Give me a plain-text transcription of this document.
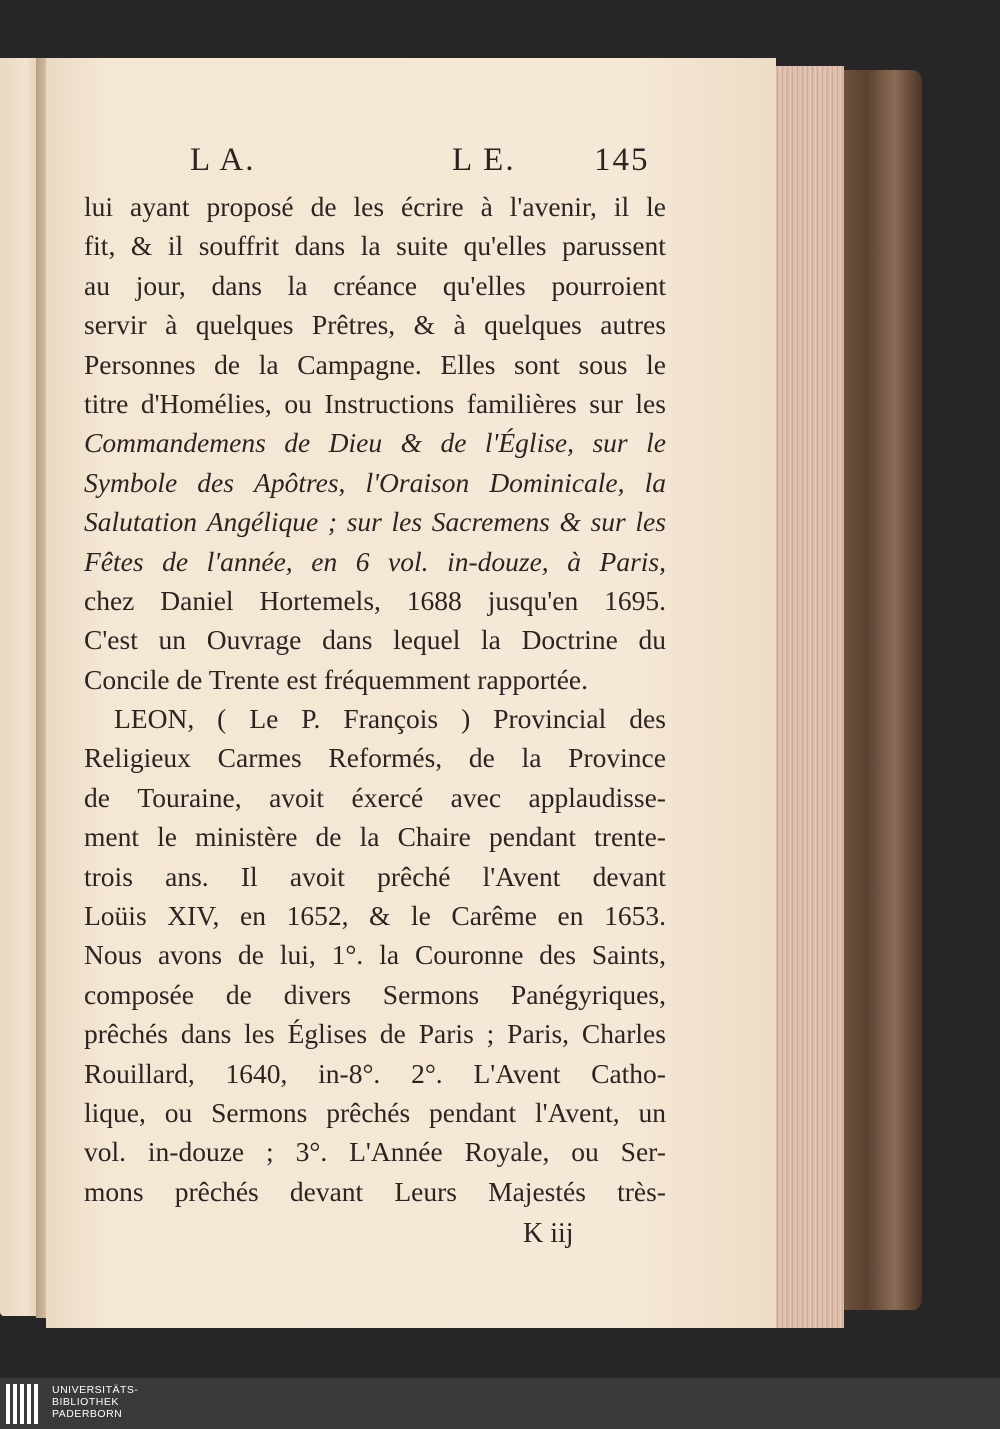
L A.	L E. 145
lui ayant proposé de les écrire à l'avenir, il le
fit, & il souffrit dans la suite qu'elles parussent
au jour, dans la créance qu'elles pourroient
servir à quelques Prêtres, & à quelques autres
Personnes de la Campagne. Elles sont sous le
titre d'Homélies, ou Instructions familières sur les
Commandemens de Dieu & de l'Église, sur le
Symbole des Apôtres, l'Oraison Dominicale, la
Salutation Angélique ; sur les Sacremens & sur les
Fêtes de l'année, en 6 vol. in-douze, à Paris,
chez Daniel Hortemels, 1688 jusqu'en 1695.
C'est un Ouvrage dans lequel la Doctrine du
Concile de Trente est fréquemment rapportée.
LEON, ( Le P. François ) Provincial des
Religieux Carmes Reformés, de la Province
de Touraine, avoit éxercé avec applaudisse-
ment le ministère de la Chaire pendant trente-
trois ans. Il avoit prêché l'Avent devant
Loüis XIV, en 1652, & le Carême en 1653.
Nous avons de lui, 1°. la Couronne des Saints,
composée de divers Sermons Panégyriques,
prêchés dans les Églises de Paris ; Paris, Charles
Rouillard, 1640, in-8°. 2°. L'Avent Catho-
lique, ou Sermons prêchés pendant l'Avent, un
vol. in-douze ; 3°. L'Année Royale, ou Ser-
mons prêchés devant Leurs Majestés très-
K iij
UNIVERSITÄTS-
BIBLIOTHEK
PADERBORN
